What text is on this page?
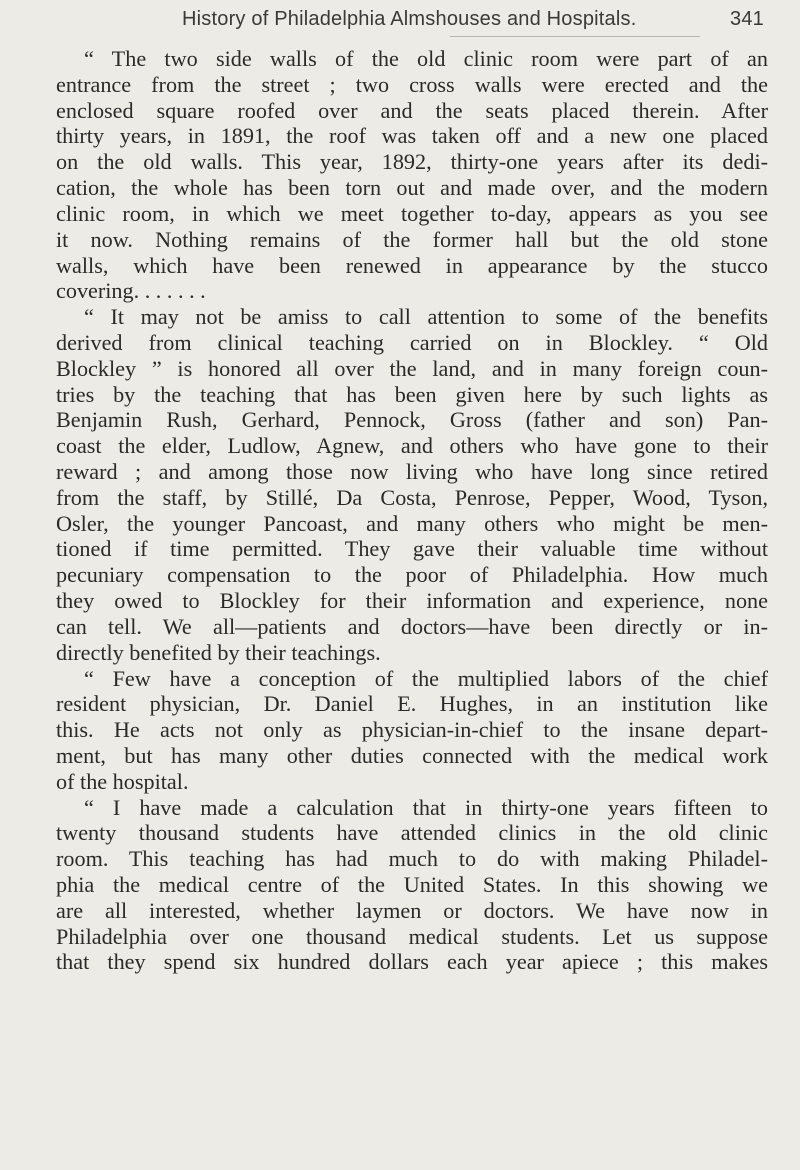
History of Philadelphia Almshouses and Hospitals.	341
“ The two side walls of the old clinic room were part of an
entrance from the street ; two cross walls were erected and the
enclosed square roofed over and the seats placed therein. After
thirty years, in 1891, the roof was taken off and a new one placed
on the old walls. This year, 1892, thirty-one years after its dedi-
cation, the whole has been torn out and made over, and the modern
clinic room, in which we meet together to-day, appears as you see
it now. Nothing remains of the former hall but the old stone
walls, which have been renewed in appearance by the stucco
covering. . . . . . .
“ It may not be amiss to call attention to some of the benefits
derived from clinical teaching carried on in Blockley. “ Old
Blockley ” is honored all over the land, and in many foreign coun-
tries by the teaching that has been given here by such lights as
Benjamin Rush, Gerhard, Pennock, Gross (father and son) Pan-
coast the elder, Ludlow, Agnew, and others who have gone to their
reward ; and among those now living who have long since retired
from the staff, by Stillé, Da Costa, Penrose, Pepper, Wood, Tyson,
Osler, the younger Pancoast, and many others who might be men-
tioned if time permitted. They gave their valuable time without
pecuniary compensation to the poor of Philadelphia. How much
they owed to Blockley for their information and experience, none
can tell. We all—patients and doctors—have been directly or in-
directly benefited by their teachings.
“ Few have a conception of the multiplied labors of the chief
resident physician, Dr. Daniel E. Hughes, in an institution like
this. He acts not only as physician-in-chief to the insane depart-
ment, but has many other duties connected with the medical work
of the hospital.
“ I have made a calculation that in thirty-one years fifteen to
twenty thousand students have attended clinics in the old clinic
room. This teaching has had much to do with making Philadel-
phia the medical centre of the United States. In this showing we
are all interested, whether laymen or doctors. We have now in
Philadelphia over one thousand medical students. Let us suppose
that they spend six hundred dollars each year apiece ; this makes
